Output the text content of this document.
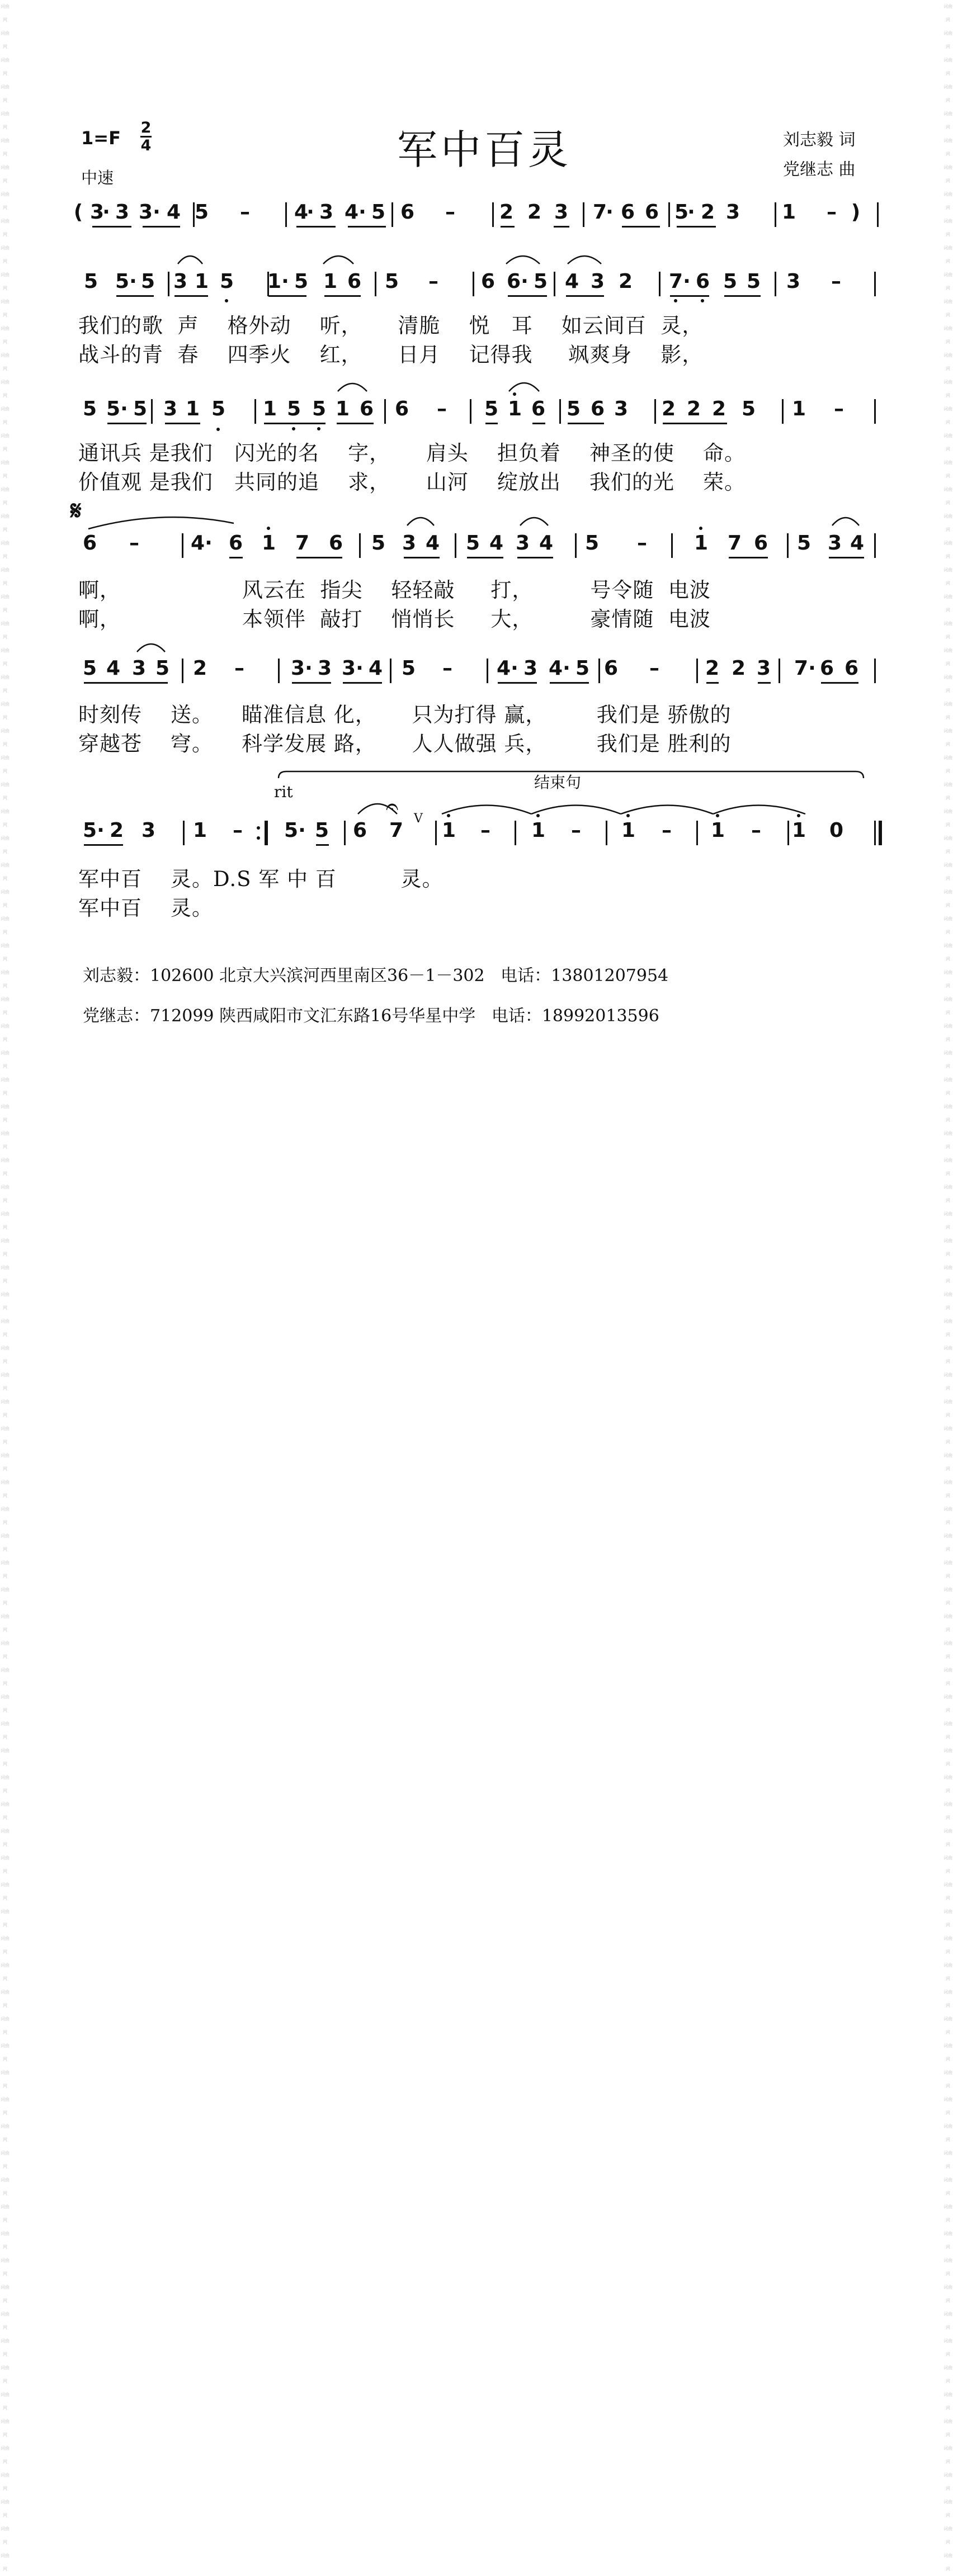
词曲网
词曲网
词曲网
词曲网
词曲网
词曲网
词曲网
词曲网
词曲网
词曲网
词曲网
词曲网
词曲网
词曲网
词曲网
词曲网
词曲网
词曲网
词曲网
词曲网
词曲网
词曲网
词曲网
词曲网
词曲网
词曲网
词曲网
词曲网
词曲网
词曲网
词曲网
词曲网
词曲网
词曲网
词曲网
词曲网
词曲网
词曲网
词曲网
词曲网
词曲网
词曲网
词曲网
词曲网
词曲网
词曲网
词曲网
词曲网
词曲网
词曲网
词曲网
词曲网
词曲网
词曲网
词曲网
词曲网
词曲网
词曲网
词曲网
词曲网
词曲网
词曲网
词曲网
词曲网
词曲网
词曲网
词曲网
词曲网
词曲网
词曲网
词曲网
词曲网
词曲网
词曲网
词曲网
词曲网
词曲网
词曲网
词曲网
词曲网
词曲网
词曲网
词曲网
词曲网
词曲网
词曲网
词曲网
词曲网
词曲网
词曲网
词曲网
词曲网
词曲网
词曲网
词曲网
词曲网
词曲网
词曲网
词曲网
词曲网
词曲网
词曲网
词曲网
词曲网
词曲网
词曲网
词曲网
词曲网
词曲网
词曲网
词曲网
词曲网
词曲网
词曲网
词曲网
词曲网
词曲网
词曲网
词曲网
词曲网
词曲网
词曲网
词曲网
词曲网
词曲网
词曲网
词曲网
词曲网
词曲网
词曲网
词曲网
词曲网
词曲网
词曲网
词曲网
词曲网
词曲网
词曲网
词曲网
词曲网
词曲网
词曲网
词曲网
词曲网
词曲网
词曲网
词曲网
词曲网
词曲网
词曲网
词曲网
词曲网
词曲网
词曲网
词曲网
词曲网
词曲网
词曲网
词曲网
词曲网
词曲网
词曲网
词曲网
词曲网
词曲网
词曲网
词曲网
词曲网
词曲网
词曲网
词曲网
词曲网
词曲网
词曲网
词曲网
词曲网
词曲网
词曲网
词曲网
词曲网
词曲网
词曲网
词曲网
词曲网
词曲网
词曲网
词曲网
词曲网
词曲网
词曲网
词曲网
词曲网
1=F 2
4
中速
军中百灵	刘志毅 词
党继志 曲
( 3
· 3 3 · 4 5 – 4
· 3 4 · 5 6 – 2 2 3 7
· 6 6 5
· 2 3 1 – )
5 5 · 5 3 1 5 1 · 5 1 6 5 – 6 6 · 5 4 3 2 7 · 6 5 5 3 –
5 5 · 5 3 1 5 1 5 5 1 6 6 – 5 1 6 5 6 3 2 2 2 5 1 –
6 –	4 · 6 1 7 6 5 3 4 5 4 3 4 5 – 1 7 6 5 3 4
5 4 3 5 2 – 3 · 3 3 · 4 5 – 4 · 3 4 · 5 6 – 2 2 3 7 · 6 6
5 · 2 3 1 – 5 · 5 6 7 1 – 1 – 1 – 1 – 1 0
𝄋
𝄐 V
rit
结束句
我们的歌  声    格外动    听，     清脆    悦   耳    如云间百  灵，
战斗的青  春    四季火    红，     日月    记得我     飒爽身    影，
通讯兵 是我们   闪光的名    字，     肩头    担负着    神圣的使    命。
价值观 是我们   共同的追    求，     山河    绽放出    我们的光    荣。
啊，                 风云在  指尖    轻轻敲     打，        号令随  电波
啊，                 本领伴  敲打    悄悄长     大，        豪情随  电波
时刻传    送。    瞄准信息 化，     只为打得 赢，       我们是 骄傲的
穿越苍    穹。    科学发展 路，     人人做强 兵，       我们是 胜利的
军中百    灵。D.S 军 中 百         灵。
军中百    灵。
刘志毅：102600 北京大兴滨河西里南区36－1－302   电话：13801207954
党继志：712099 陕西咸阳市文汇东路16号华星中学   电话：18992013596
